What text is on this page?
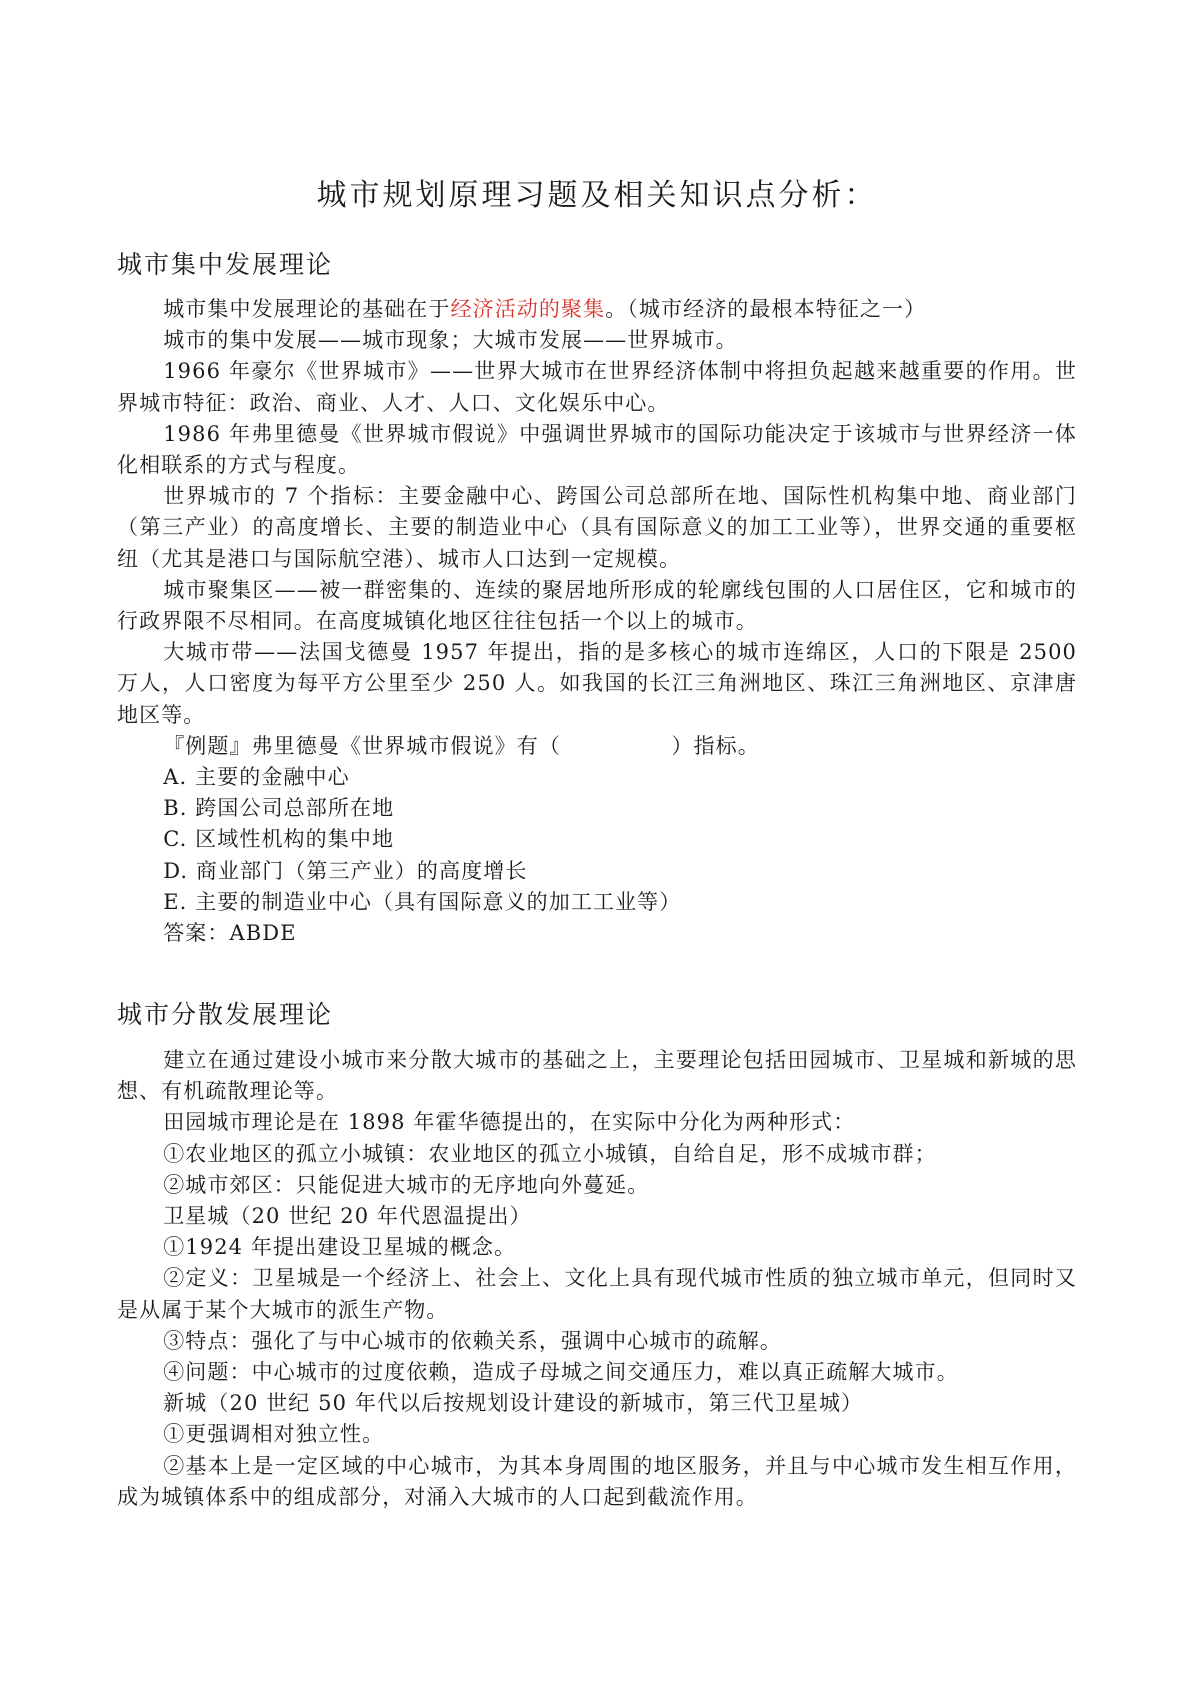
城市规划原理习题及相关知识点分析：
城市集中发展理论

城市集中发展理论的基础在于经济活动的聚集。（城市经济的最根本特征之一）

城市的集中发展——城市现象；大城市发展——世界城市。

1966 年豪尔《世界城市》——世界大城市在世界经济体制中将担负起越来越重要的作用。世界城市特征：政治、商业、人才、人口、文化娱乐中心。

1986 年弗里德曼《世界城市假说》中强调世界城市的国际功能决定于该城市与世界经济一体化相联系的方式与程度。

世界城市的 7 个指标：主要金融中心、跨国公司总部所在地、国际性机构集中地、商业部门（第三产业）的高度增长、主要的制造业中心（具有国际意义的加工工业等），世界交通的重要枢纽（尤其是港口与国际航空港）、城市人口达到一定规模。

城市聚集区——被一群密集的、连续的聚居地所形成的轮廓线包围的人口居住区，它和城市的行政界限不尽相同。在高度城镇化地区往往包括一个以上的城市。

大城市带——法国戈德曼 1957 年提出，指的是多核心的城市连绵区，人口的下限是 2500 万人，人口密度为每平方公里至少 250 人。如我国的长江三角洲地区、珠江三角洲地区、京津唐地区等。

『例题』弗里德曼《世界城市假说》有（　　　　　）指标。

A. 主要的金融中心

B. 跨国公司总部所在地

C. 区域性机构的集中地

D. 商业部门（第三产业）的高度增长

E. 主要的制造业中心（具有国际意义的加工工业等）

答案：ABDE

城市分散发展理论

建立在通过建设小城市来分散大城市的基础之上，主要理论包括田园城市、卫星城和新城的思想、有机疏散理论等。

田园城市理论是在 1898 年霍华德提出的，在实际中分化为两种形式：

①农业地区的孤立小城镇：农业地区的孤立小城镇，自给自足，形不成城市群；

②城市郊区：只能促进大城市的无序地向外蔓延。

卫星城（20 世纪 20 年代恩温提出）

①1924 年提出建设卫星城的概念。

②定义：卫星城是一个经济上、社会上、文化上具有现代城市性质的独立城市单元，但同时又是从属于某个大城市的派生产物。

③特点：强化了与中心城市的依赖关系，强调中心城市的疏解。

④问题：中心城市的过度依赖，造成子母城之间交通压力，难以真正疏解大城市。

新城（20 世纪 50 年代以后按规划设计建设的新城市，第三代卫星城）

①更强调相对独立性。

②基本上是一定区域的中心城市，为其本身周围的地区服务，并且与中心城市发生相互作用，成为城镇体系中的组成部分，对涌入大城市的人口起到截流作用。
